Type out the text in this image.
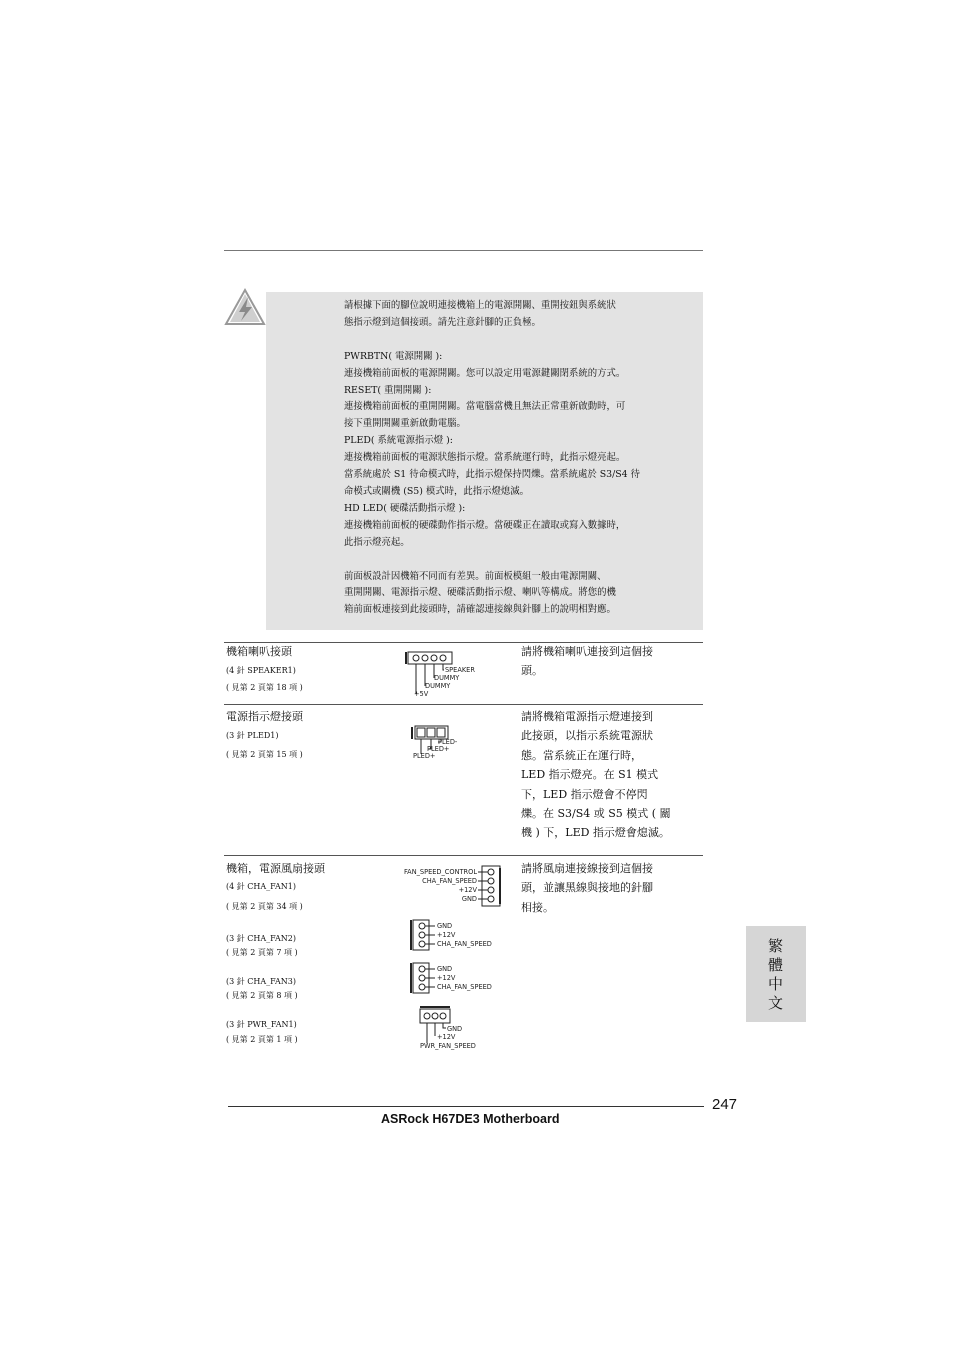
請根據下面的腳位說明連接機箱上的電源開關、重開按鈕與系統狀
態指示燈到這個接頭。請先注意針腳的正負極。

PWRBTN( 電源開關 ):
連接機箱前面板的電源開關。您可以設定用電源鍵關閉系統的方式。
RESET( 重開開關 ):
連接機箱前面板的重開開關。當電腦當機且無法正常重新啟動時，可
接下重開開關重新啟動電腦。
PLED( 系統電源指示燈 ):
連接機箱前面板的電源狀態指示燈。當系統運行時，此指示燈亮起。
當系統處於 S1 待命模式時，此指示燈保持閃爍。當系統處於 S3/S4 待
命模式或關機 (S5) 模式時，此指示燈熄滅。
HD LED( 硬碟活動指示燈 ):
連接機箱前面板的硬碟動作指示燈。當硬碟正在讀取或寫入數據時，
此指示燈亮起。

前面板設計因機箱不同而有差異。前面板模組一般由電源開關、
重開開關、電源指示燈、硬碟活動指示燈、喇叭等構成。將您的機
箱前面板連接到此接頭時，請確認連接線與針腳上的說明相對應。
機箱喇叭接頭
(4 針 SPEAKER1)
( 見第 2 頁第 18 項 )
請將機箱喇叭連接到這個接
頭。
SPEAKER
DUMMY
DUMMY
+5V
電源指示燈接頭
(3 針 PLED1)
( 見第 2 頁第 15 項 )
請將機箱電源指示燈連接到
此接頭，以指示系統電源狀
態。當系統正在運行時，
LED 指示燈亮。在 S1 模式
下，LED 指示燈會不停閃
爍。在 S3/S4 或 S5 模式 ( 關
機 ) 下，LED 指示燈會熄滅。
PLED-
PLED+
PLED+
機箱，電源風扇接頭	請將風扇連接線接到這個接
頭，並讓黑線與接地的針腳
相接。
(4 針 CHA_FAN1)
( 見第 2 頁第 34 項 )
(3 針 CHA_FAN2)
( 見第 2 頁第 7 項 )
(3 針 CHA_FAN3)
( 見第 2 頁第 8 項 )
(3 針 PWR_FAN1)
( 見第 2 頁第 1 項 )
FAN_SPEED_CONTROL
CHA_FAN_SPEED
+12V
GND
GND
+12V
CHA_FAN_SPEED
GND
+12V
CHA_FAN_SPEED
GND
+12V
PWR_FAN_SPEED
繁體中文
247
ASRock H67DE3 Motherboard
